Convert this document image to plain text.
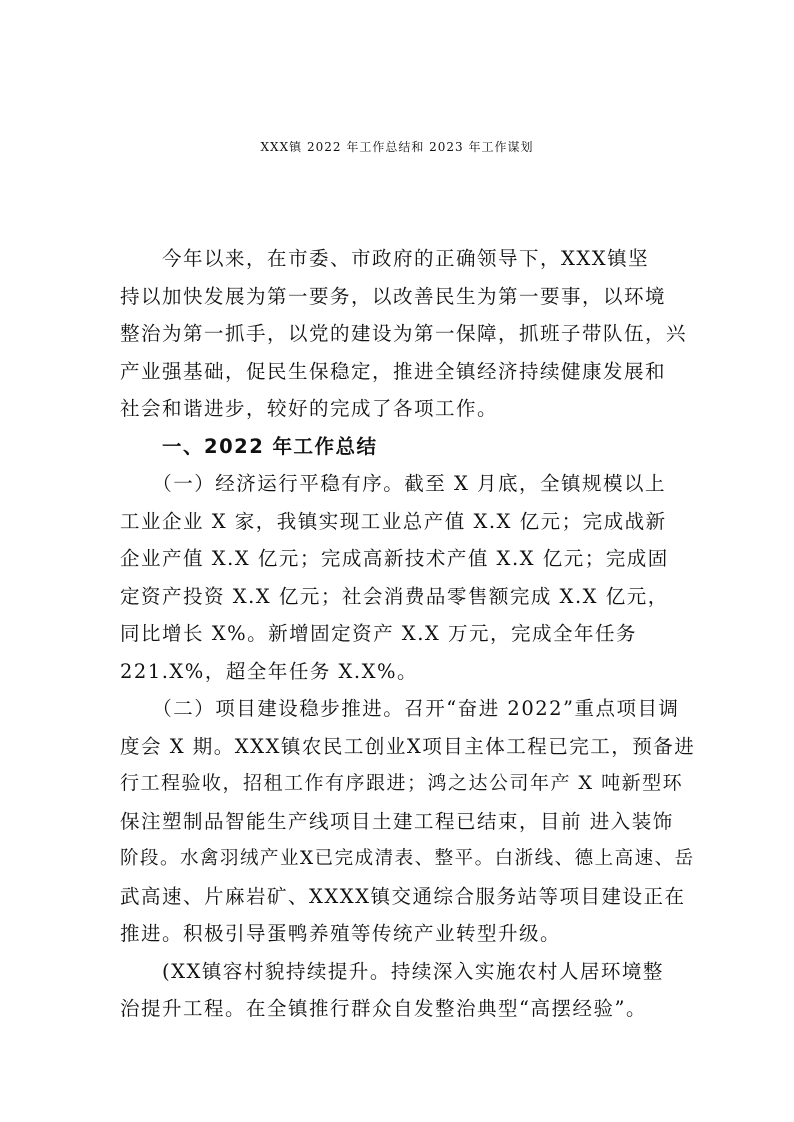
XXX镇 2022 年工作总结和 2023 年工作谋划
　　今年以来，在市委、市政府的正确领导下，XXX镇坚
持以加快发展为第一要务，以改善民生为第一要事，以环境
整治为第一抓手，以党的建设为第一保障，抓班子带队伍，兴
产业强基础，促民生保稳定，推进全镇经济持续健康发展和
社会和谐进步，较好的完成了各项工作。
　　一、2022 年工作总结
　　（一）经济运行平稳有序。截至 X 月底，全镇规模以上
工业企业 X 家，我镇实现工业总产值 X.X 亿元；完成战新
企业产值 X.X 亿元；完成高新技术产值 X.X 亿元；完成固
定资产投资 X.X 亿元；社会消费品零售额完成 X.X 亿元，
同比增长 X%。新增固定资产 X.X 万元，完成全年任务
221.X%，超全年任务 X.X%。
　　（二）项目建设稳步推进。召开“奋进 2022”重点项目调
度会 X 期。XXX镇农民工创业X项目主体工程已完工，预备进
行工程验收，招租工作有序跟进；鸿之达公司年产 X 吨新型环
保注塑制品智能生产线项目土建工程已结束，目前 进入装饰
阶段。水禽羽绒产业X已完成清表、整平。白浙线、德上高速、岳
武高速、片麻岩矿、XXXX镇交通综合服务站等项目建设正在
推进。积极引导蛋鸭养殖等传统产业转型升级。
　　(XX镇容村貌持续提升。持续深入实施农村人居环境整
治提升工程。在全镇推行群众自发整治典型“高摆经验”。
